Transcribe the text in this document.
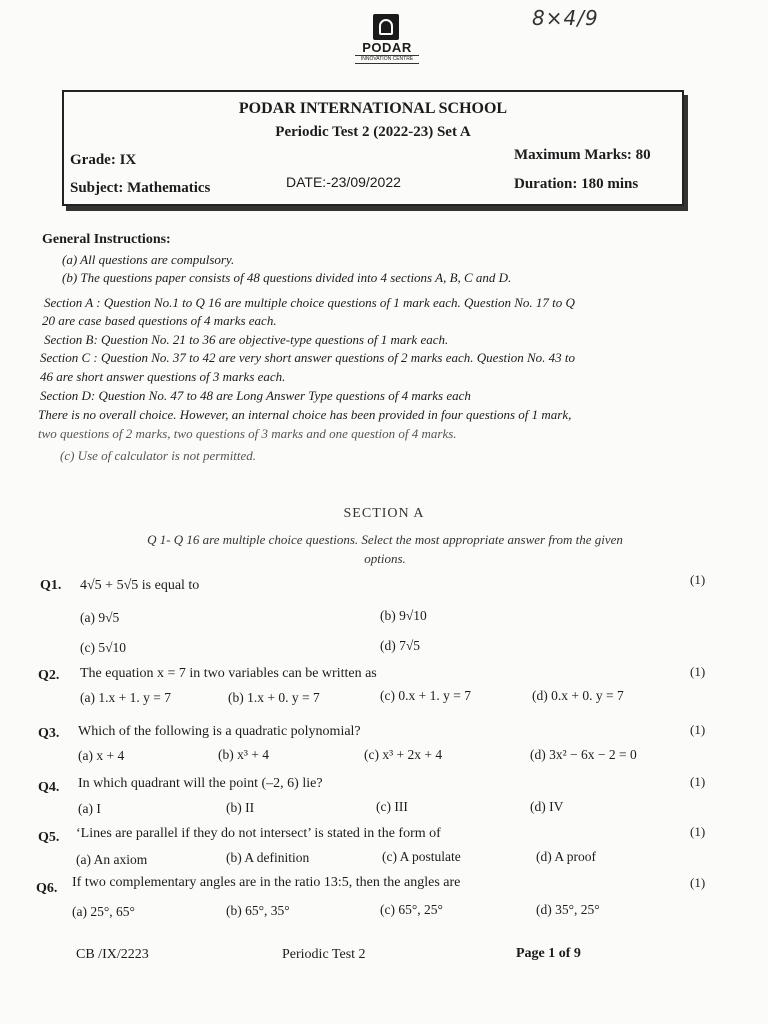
PODAR
INNOVATION CENTRE
8×4/9
PODAR INTERNATIONAL SCHOOL
Periodic Test 2 (2022-23) Set A
Grade: IX
Subject: Mathematics	DATE:-23/09/2022
Maximum Marks: 80
Duration: 180 mins
General Instructions:
(a) All questions are compulsory.
(b) The questions paper consists of 48 questions divided into 4 sections A, B, C and D.
Section A : Question No.1 to Q 16 are multiple choice questions of 1 mark each. Question No. 17 to Q
20 are case based questions of 4 marks each.
Section B: Question No. 21 to 36 are objective-type questions of 1 mark each.
Section C : Question No. 37 to 42 are very short answer questions of 2 marks each. Question No. 43 to
46 are short answer questions of 3 marks each.
Section D: Question No. 47 to 48 are Long Answer Type questions of 4 marks each
There is no overall choice. However, an internal choice has been provided in four questions of 1 mark,
two questions of 2 marks, two questions of 3 marks and one question of 4 marks.
(c) Use of calculator is not permitted.
SECTION A
Q 1- Q 16 are multiple choice questions. Select the most appropriate answer from the given
options.
Q1. 4√5 + 5√5 is equal to	(1)
(a) 9√5	(b) 9√10
(c) 5√10	(d) 7√5
Q2. The equation x = 7 in two variables can be written as	(1)
(a) 1.x + 1. y = 7	(b) 1.x + 0. y = 7	(c) 0.x + 1. y = 7	(d) 0.x + 0. y = 7
Q3. Which of the following is a quadratic polynomial?	(1)
(a) x + 4	(b) x³ + 4	(c) x³ + 2x + 4	(d) 3x² − 6x − 2 = 0
Q4. In which quadrant will the point (–2, 6) lie?	(1)
(a) I	(b) II	(c) III	(d) IV
Q5. ‘Lines are parallel if they do not intersect’ is stated in the form of	(1)
(a) An axiom	(b) A definition	(c) A postulate	(d) A proof
Q6. If two complementary angles are in the ratio 13:5, then the angles are	(1)
(a) 25°, 65°	(b) 65°, 35°	(c) 65°, 25°	(d) 35°, 25°
CB /IX/2223	Periodic Test 2	Page 1 of 9
